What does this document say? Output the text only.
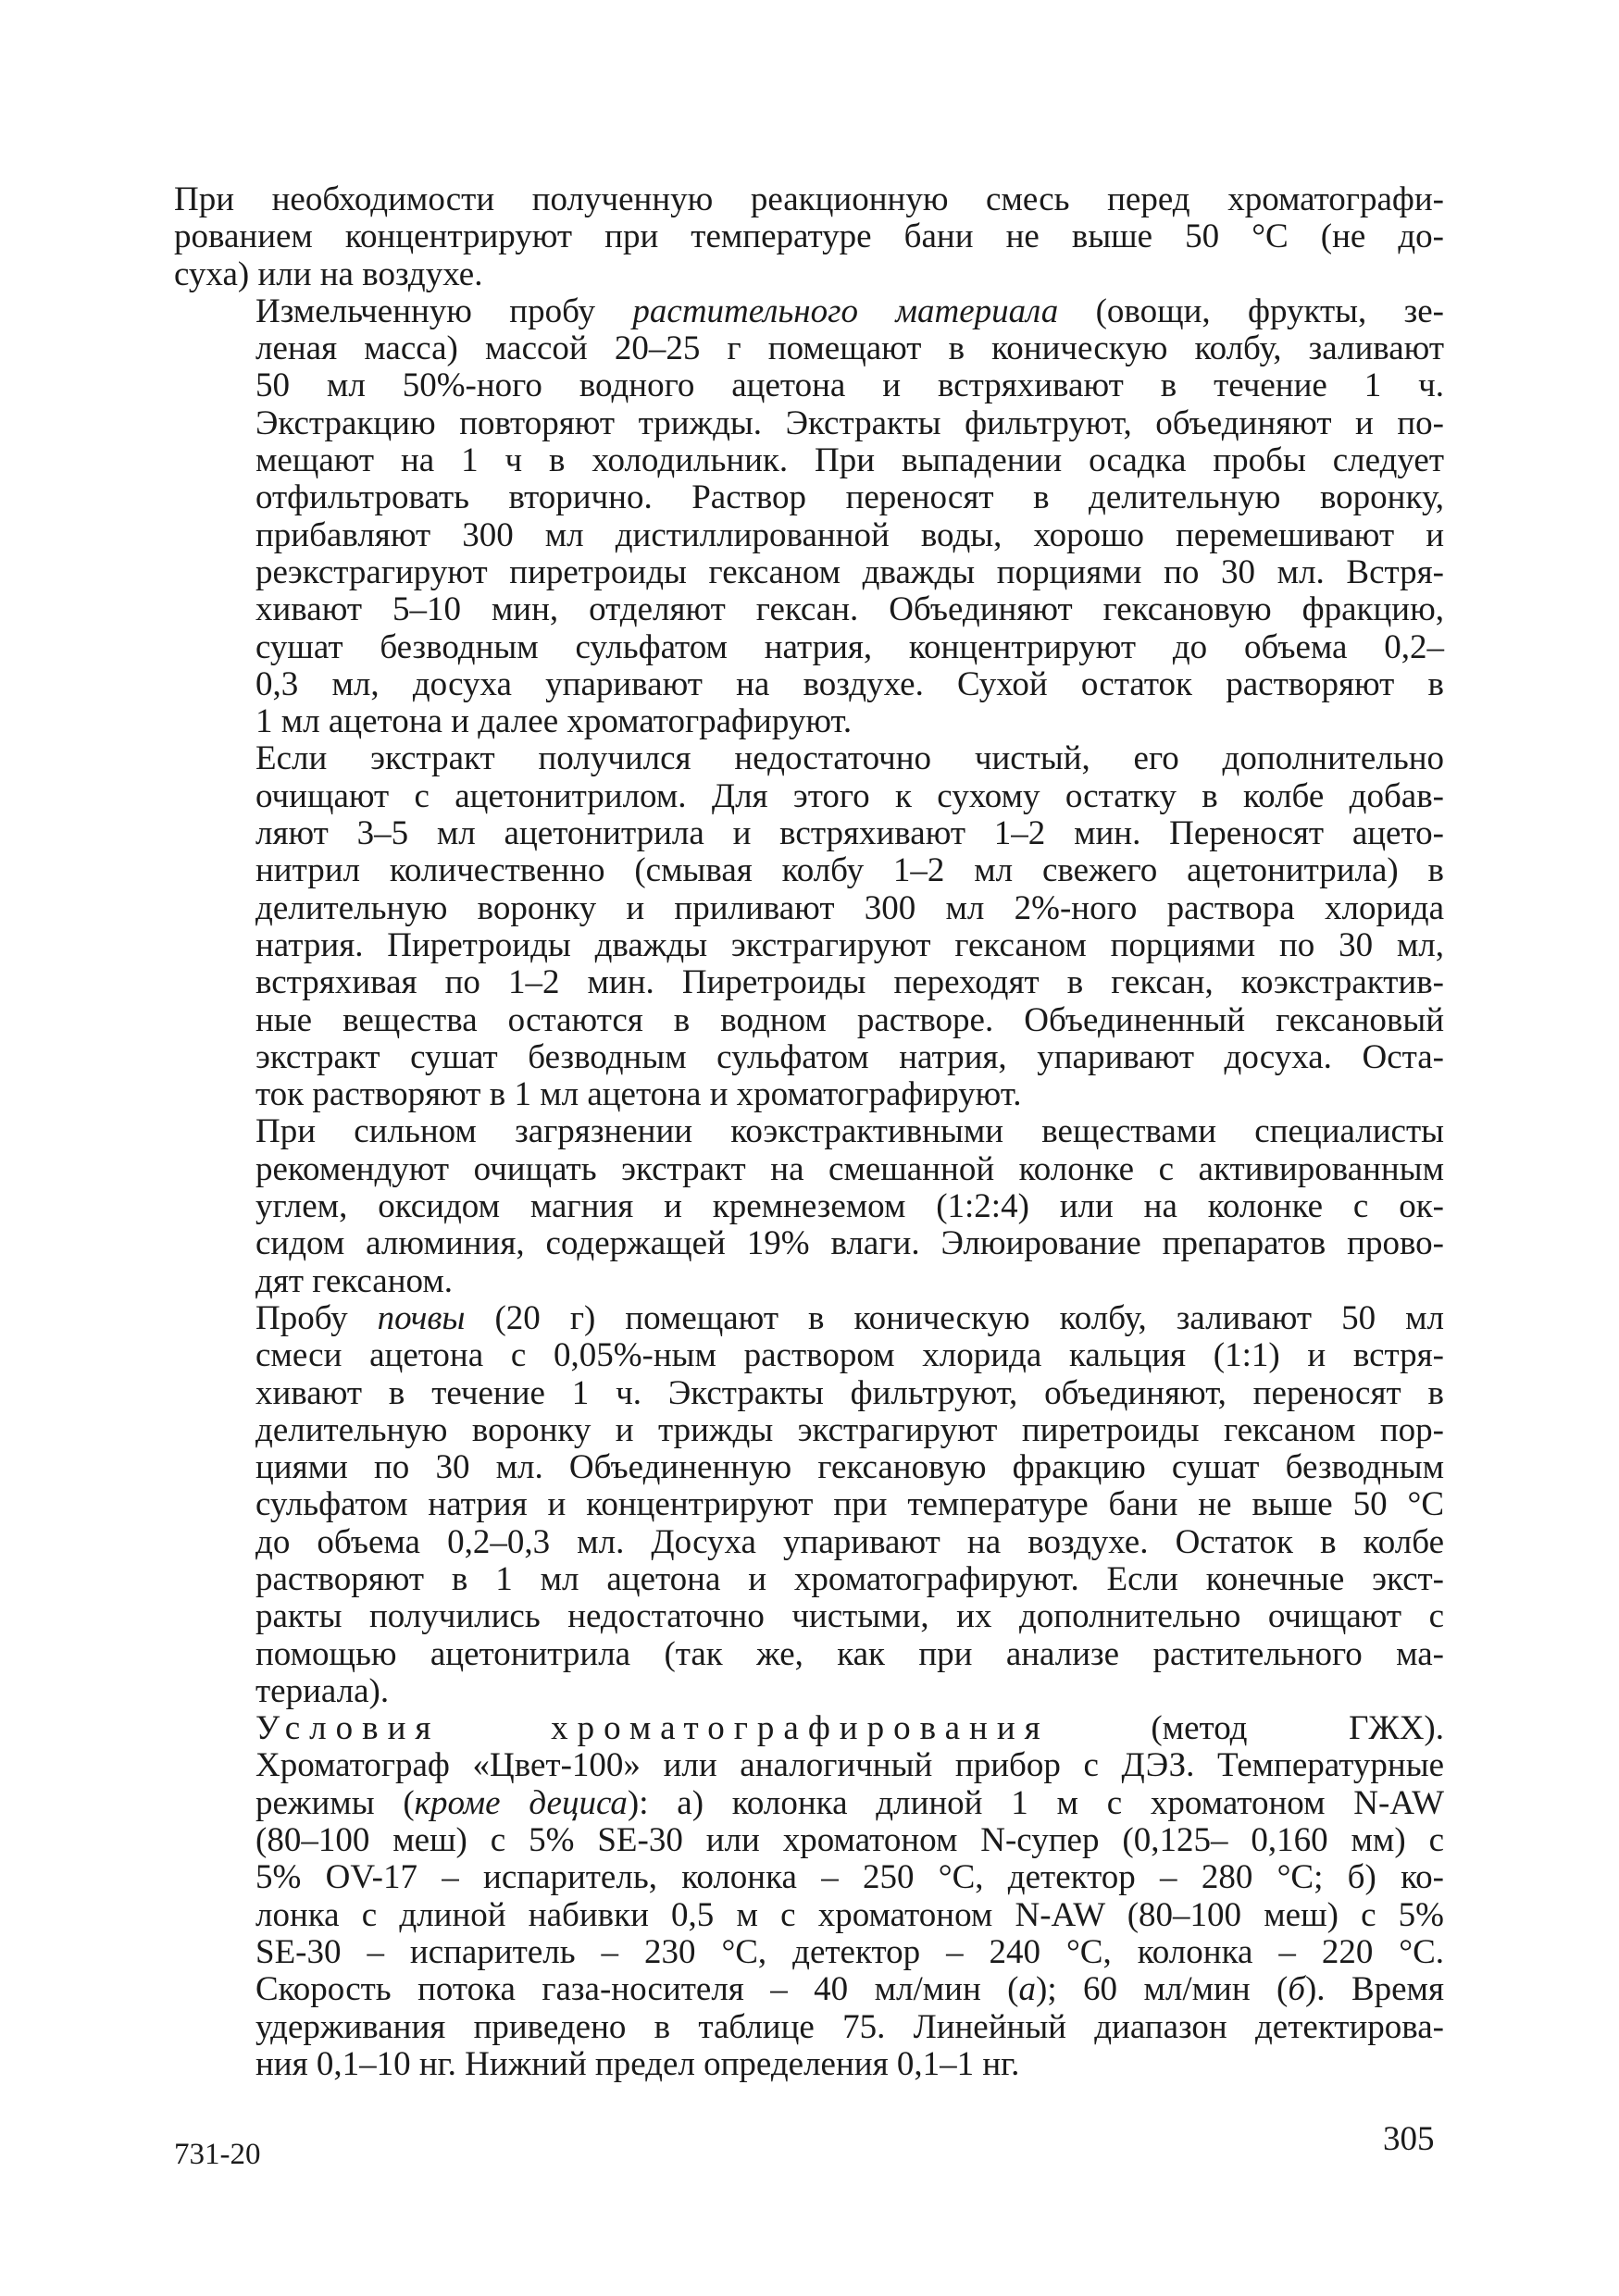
При необходимости полученную реакционную смесь перед хроматографи-
рованием концентрируют при температуре бани не выше 50 °С (не до-
суха) или на воздухе.

Измельченную пробу растительного материала (овощи, фрукты, зе-
леная масса) массой 20–25 г помещают в коническую колбу, заливают
50 мл 50%-ного водного ацетона и встряхивают в течение 1 ч.
Экстракцию повторяют трижды. Экстракты фильтруют, объединяют и по-
мещают на 1 ч в холодильник. При выпадении осадка пробы следует
отфильтровать вторично. Раствор переносят в делительную воронку,
прибавляют 300 мл дистиллированной воды, хорошо перемешивают и
реэкстрагируют пиретроиды гексаном дважды порциями по 30 мл. Встря-
хивают 5–10 мин, отделяют гексан. Объединяют гексановую фракцию,
сушат безводным сульфатом натрия, концентрируют до объема 0,2–
0,3 мл, досуха упаривают на воздухе. Сухой остаток растворяют в
1 мл ацетона и далее хроматографируют.

Если экстракт получился недостаточно чистый, его дополнительно
очищают с ацетонитрилом. Для этого к сухому остатку в колбе добав-
ляют 3–5 мл ацетонитрила и встряхивают 1–2 мин. Переносят ацето-
нитрил количественно (смывая колбу 1–2 мл свежего ацетонитрила) в
делительную воронку и приливают 300 мл 2%-ного раствора хлорида
натрия. Пиретроиды дважды экстрагируют гексаном порциями по 30 мл,
встряхивая по 1–2 мин. Пиретроиды переходят в гексан, коэкстрактив-
ные вещества остаются в водном растворе. Объединенный гексановый
экстракт сушат безводным сульфатом натрия, упаривают досуха. Оста-
ток растворяют в 1 мл ацетона и хроматографируют.

При сильном загрязнении коэкстрактивными веществами специалисты
рекомендуют очищать экстракт на смешанной колонке с активированным
углем, оксидом магния и кремнеземом (1:2:4) или на колонке с ок-
сидом алюминия, содержащей 19% влаги. Элюирование препаратов прово-
дят гексаном.

Пробу почвы (20 г) помещают в коническую колбу, заливают 50 мл
смеси ацетона с 0,05%-ным раствором хлорида кальция (1:1) и встря-
хивают в течение 1 ч. Экстракты фильтруют, объединяют, переносят в
делительную воронку и трижды экстрагируют пиретроиды гексаном пор-
циями по 30 мл. Объединенную гексановую фракцию сушат безводным
сульфатом натрия и концентрируют при температуре бани не выше 50 °С
до объема 0,2–0,3 мл. Досуха упаривают на воздухе. Остаток в колбе
растворяют в 1 мл ацетона и хроматографируют. Если конечные экст-
ракты получились недостаточно чистыми, их дополнительно очищают с
помощью ацетонитрила (так же, как при анализе растительного ма-
териала).

Условия хроматографирования (метод ГЖХ).
Хроматограф «Цвет-100» или аналогичный прибор с ДЭЗ. Температурные
режимы (кроме дециса): а) колонка длиной 1 м с хроматоном N-AW
(80–100 меш) с 5% SE-30 или хроматоном N-супер (0,125– 0,160 мм) с
5% OV-17 – испаритель, колонка – 250 °С, детектор – 280 °С; б) ко-
лонка с длиной набивки 0,5 м с хроматоном N-AW (80–100 меш) с 5%
SE-30 – испаритель – 230 °С, детектор – 240 °С, колонка – 220 °С.
Скорость потока газа-носителя – 40 мл/мин (а); 60 мл/мин (б). Время
удерживания приведено в таблице 75. Линейный диапазон детектирова-
ния 0,1–10 нг. Нижний предел определения 0,1–1 нг.

731-20	305
